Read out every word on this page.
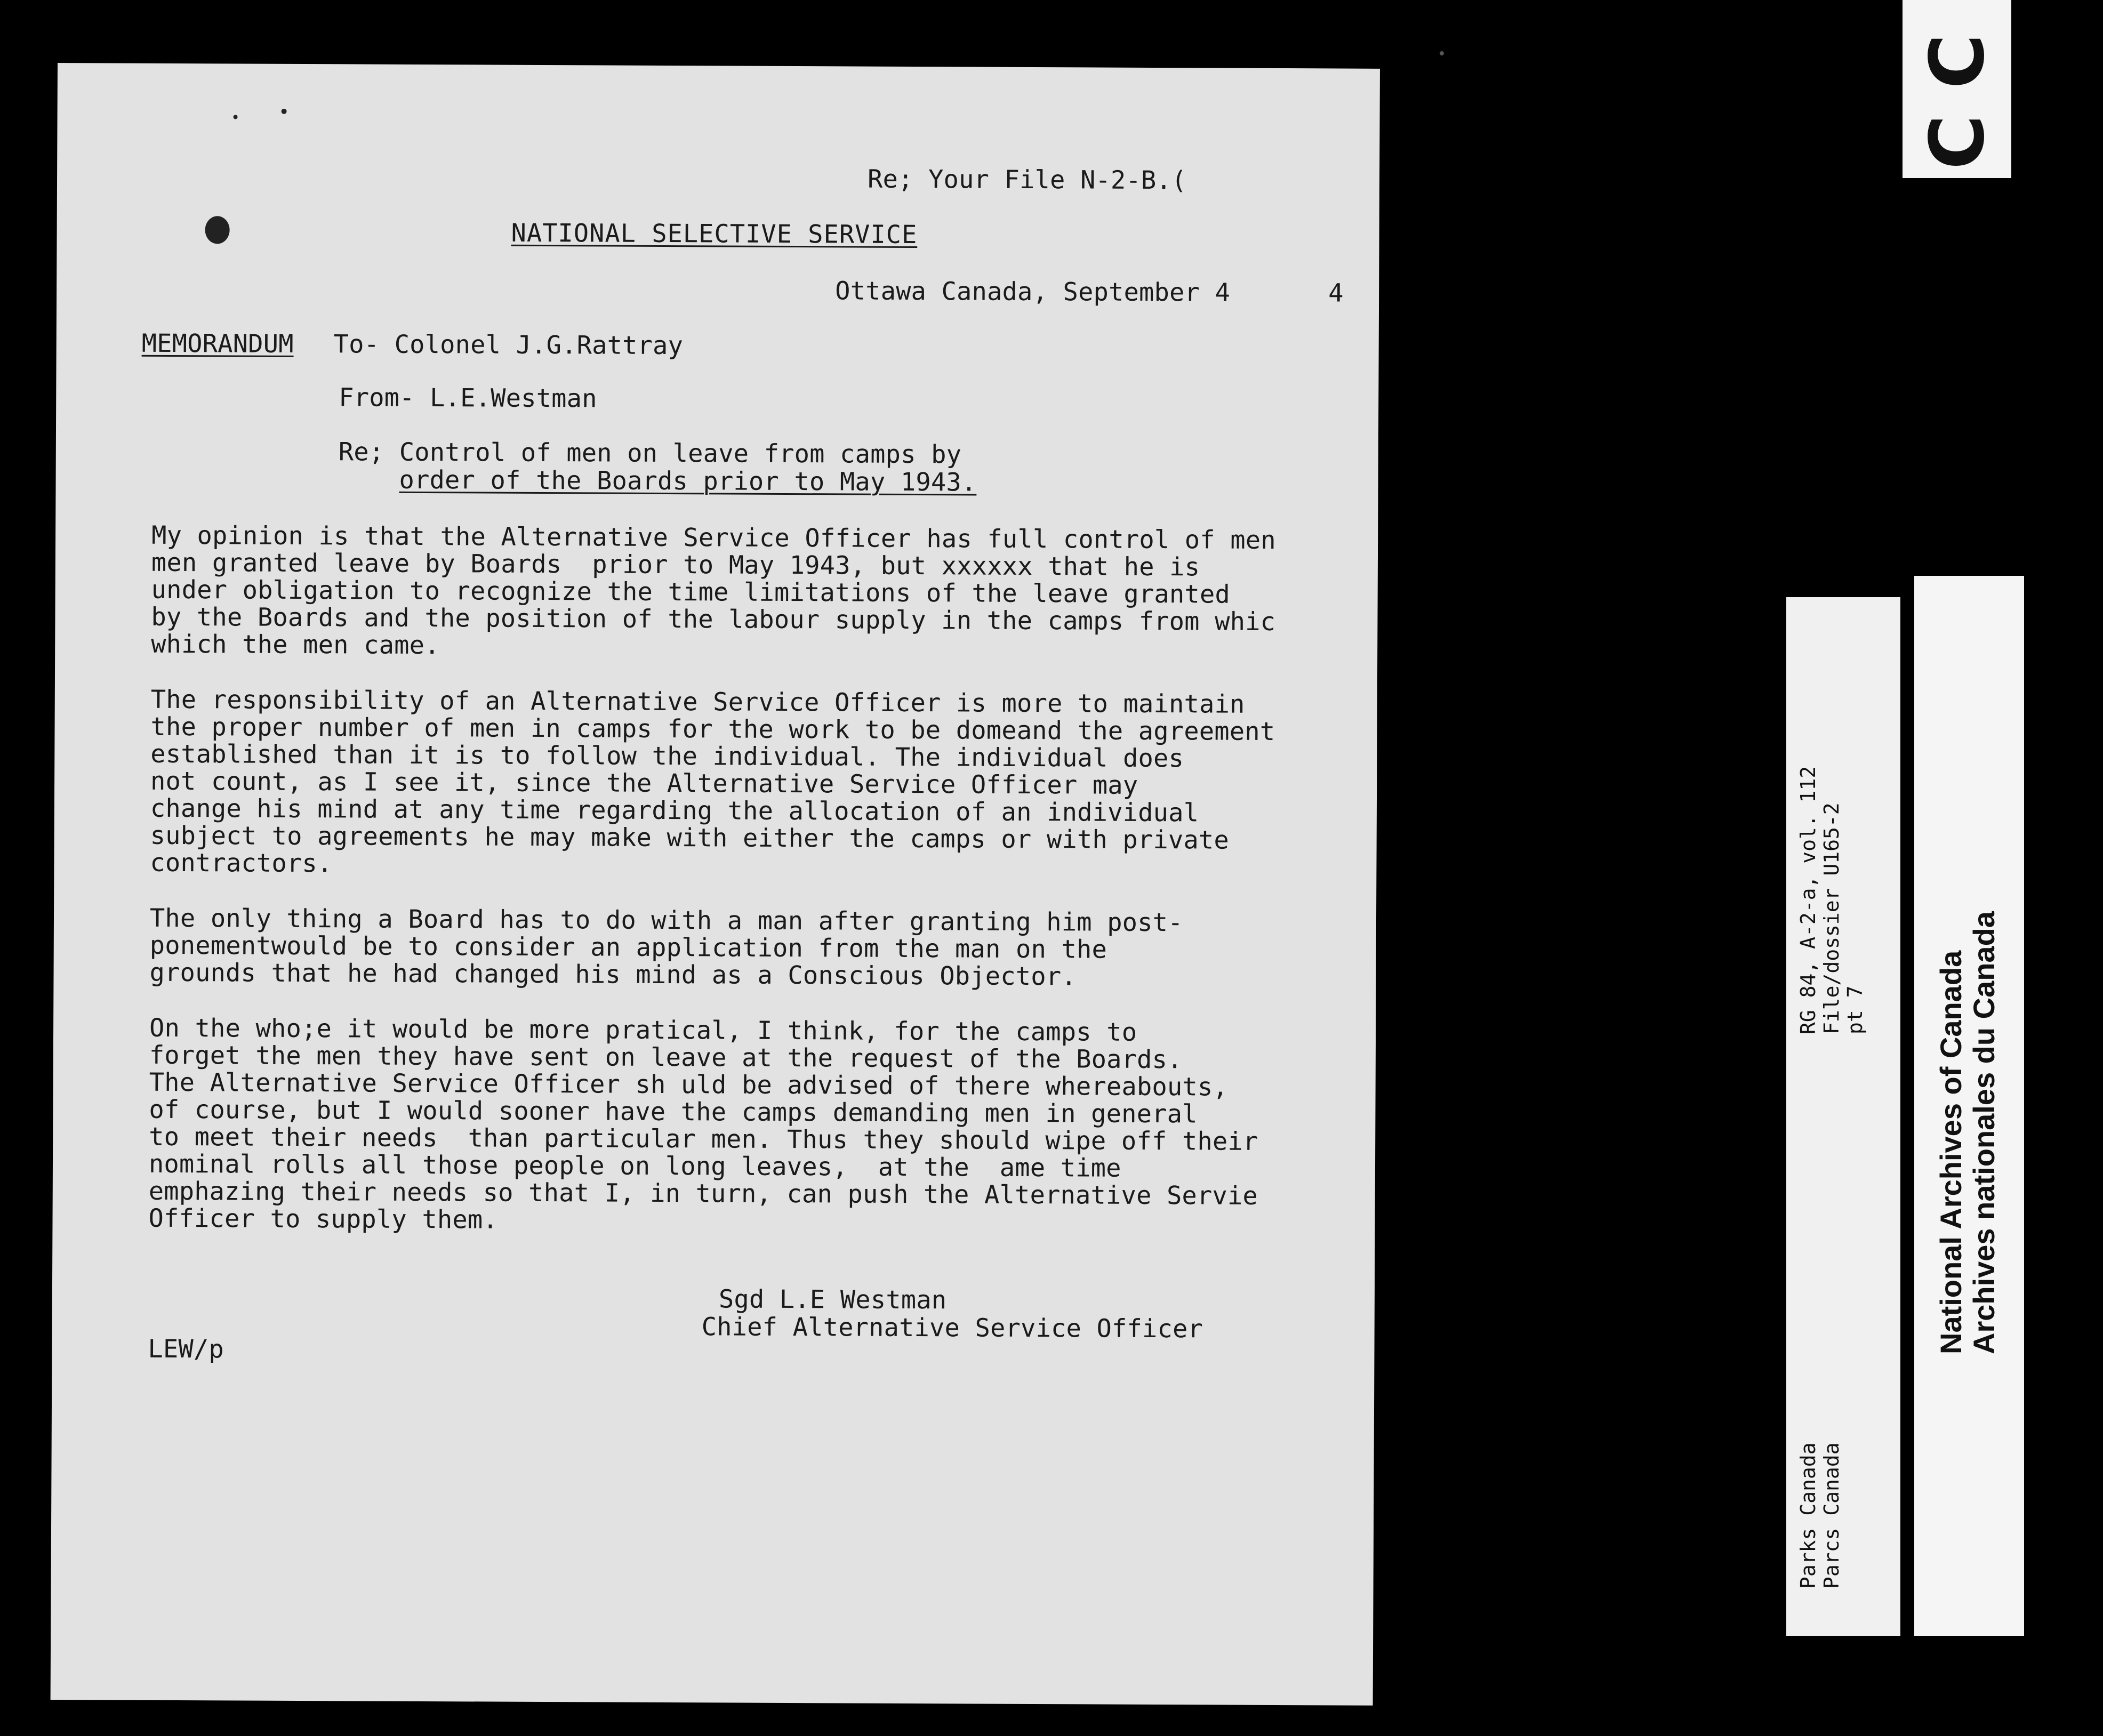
C C
Re; Your File N-2-B.(
NATIONAL SELECTIVE SERVICE
Ottawa Canada, September 4	4
MEMORANDUM To- Colonel J.G.Rattray
From- L.E.Westman
Re; Control of men on leave from camps by
order of the Boards prior to May 1943.
My opinion is that the Alternative Service Officer has full control of men
men granted leave by Boards  prior to May 1943, but xxxxxx that he is
under obligation to recognize the time limitations of the leave granted
by the Boards and the position of the labour supply in the camps from whic
which the men came.
The responsibility of an Alternative Service Officer is more to maintain
the proper number of men in camps for the work to be domeand the agreement
established than it is to follow the individual. The individual does
not count, as I see it, since the Alternative Service Officer may
change his mind at any time regarding the allocation of an individual
subject to agreements he may make with either the camps or with private
contractors.
The only thing a Board has to do with a man after granting him post-
ponementwould be to consider an application from the man on the
grounds that he had changed his mind as a Conscious Objector.
On the who;e it would be more pratical, I think, for the camps to
forget the men they have sent on leave at the request of the Boards.
The Alternative Service Officer sh uld be advised of there whereabouts,
of course, but I would sooner have the camps demanding men in general
to meet their needs  than particular men. Thus they should wipe off their
nominal rolls all those people on long leaves,  at the  ame time
emphazing their needs so that I, in turn, can push the Alternative Servie
Officer to supply them.
Sgd L.E Westman
Chief Alternative Service Officer
LEW/p
RG 84, A-2-a, vol. 112 File/dossier U165-2 pt 7
Parks Canada Parcs Canada
National Archives of Canada Archives nationales du Canada
